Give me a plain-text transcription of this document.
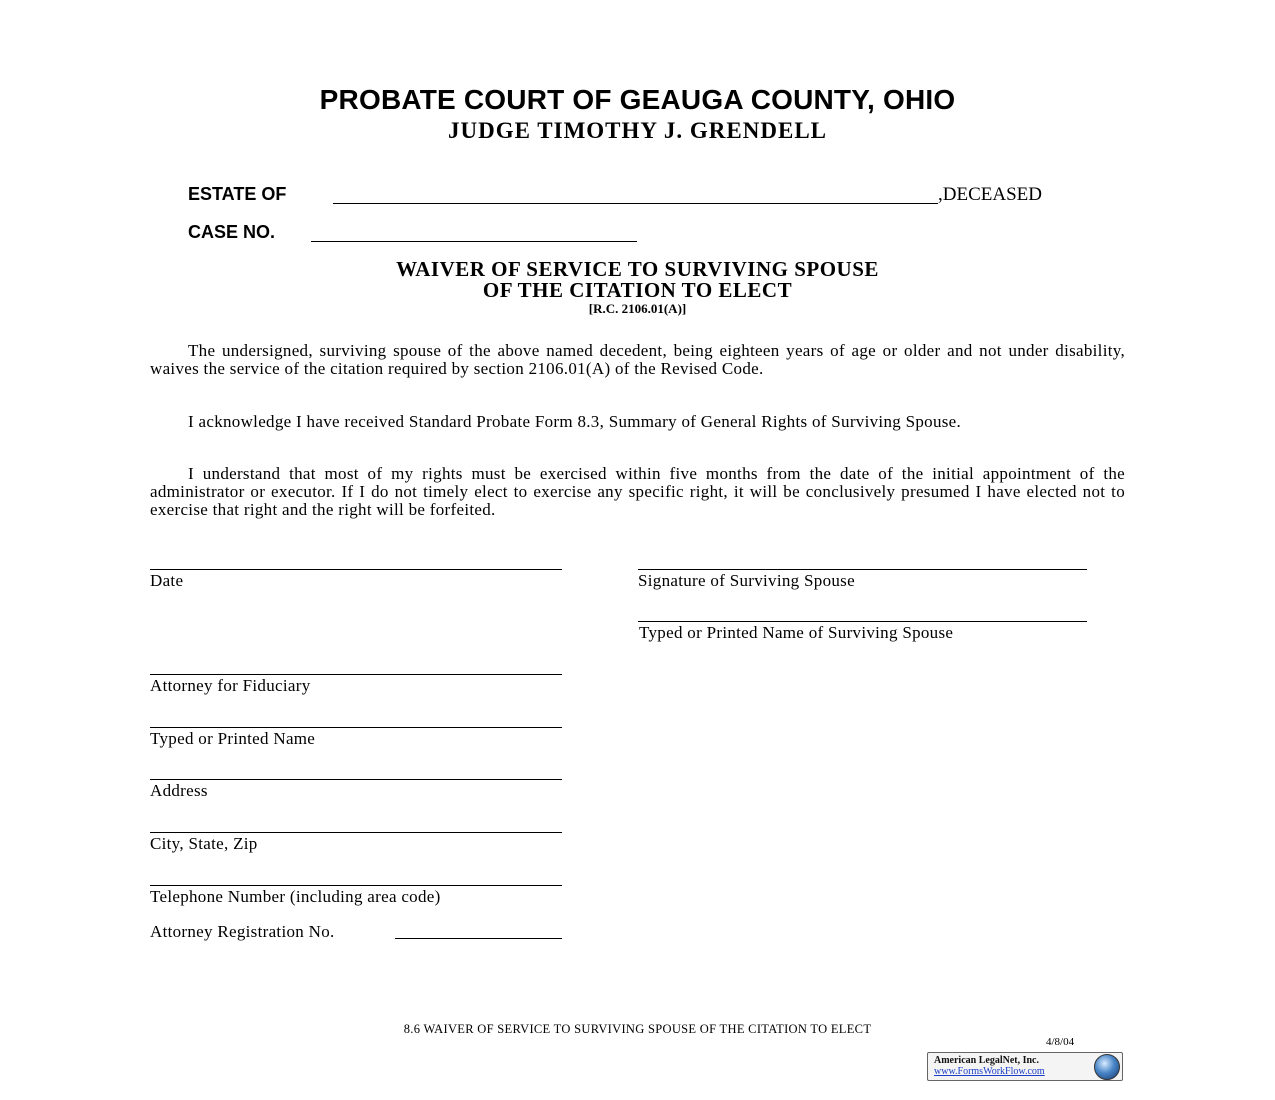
PROBATE COURT OF GEAUGA COUNTY, OHIO
JUDGE TIMOTHY J. GRENDELL
ESTATE OF	,DECEASED
CASE NO.
WAIVER OF SERVICE TO SURVIVING SPOUSE
OF THE CITATION TO ELECT
[R.C. 2106.01(A)]
The undersigned, surviving spouse of the above named decedent, being eighteen years of age or older and not under disability, waives the service of the citation required by section 2106.01(A) of the Revised Code.
I acknowledge I have received Standard Probate Form 8.3, Summary of General Rights of Surviving Spouse.
I understand that most of my rights must be exercised within five months from the date of the initial appointment of the administrator or executor. If I do not timely elect to exercise any specific right, it will be conclusively presumed I have elected not to exercise that right and the right will be forfeited.
Date	Signature of Surviving Spouse
Typed or Printed Name of Surviving Spouse
Attorney for Fiduciary
Typed or Printed Name
Address
City, State, Zip
Telephone Number (including area code)
Attorney Registration No.
8.6 WAIVER OF SERVICE TO SURVIVING SPOUSE OF THE CITATION TO ELECT
4/8/04
American LegalNet, Inc.
www.FormsWorkFlow.com
